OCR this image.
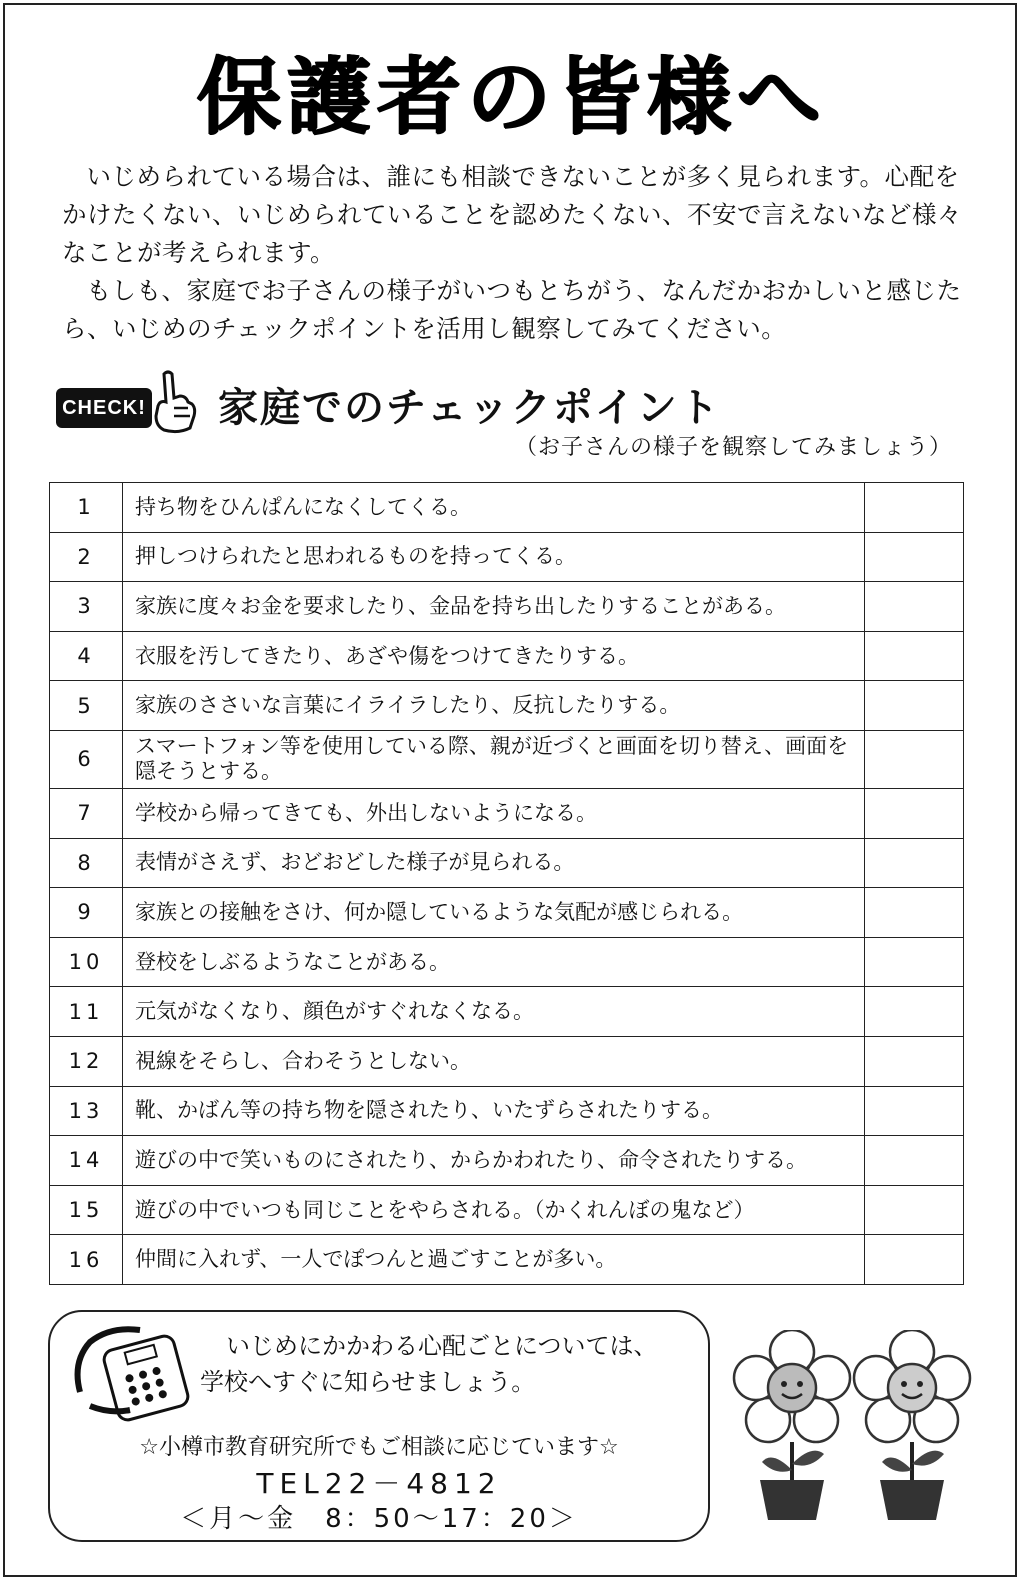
保護者の皆様へ

いじめられている場合は、誰にも相談できないことが多く見られます。心配をかけたくない、いじめられていることを認めたくない、不安で言えないなど様々なことが考えられます。

もしも、家庭でお子さんの様子がいつもとちがう、なんだかおかしいと感じたら、いじめのチェックポイントを活用し観察してみてください。

CHECK! 家庭でのチェックポイント
（お子さんの様子を観察してみましょう）
1	持ち物をひんぱんになくしてくる。	
2	押しつけられたと思われるものを持ってくる。	
3	家族に度々お金を要求したり、金品を持ち出したりすることがある。	
4	衣服を汚してきたり、あざや傷をつけてきたりする。	
5	家族のささいな言葉にイライラしたり、反抗したりする。	
6	スマートフォン等を使用している際、親が近づくと画面を切り替え、画面を隠そうとする。	
7	学校から帰ってきても、外出しないようになる。	
8	表情がさえず、おどおどした様子が見られる。	
9	家族との接触をさけ、何か隠しているような気配が感じられる。	
10	登校をしぶるようなことがある。	
11	元気がなくなり、顔色がすぐれなくなる。	
12	視線をそらし、合わそうとしない。	
13	靴、かばん等の持ち物を隠されたり、いたずらされたりする。	
14	遊びの中で笑いものにされたり、からかわれたり、命令されたりする。	
15	遊びの中でいつも同じことをやらされる。（かくれんぼの鬼など）	
16	仲間に入れず、一人でぽつんと過ごすことが多い。	
いじめにかかわる心配ごとについては、
学校へすぐに知らせましょう。
☆小樽市教育研究所でもご相談に応じています☆
TEL22－4812
＜月～金　8：50～17：20＞
